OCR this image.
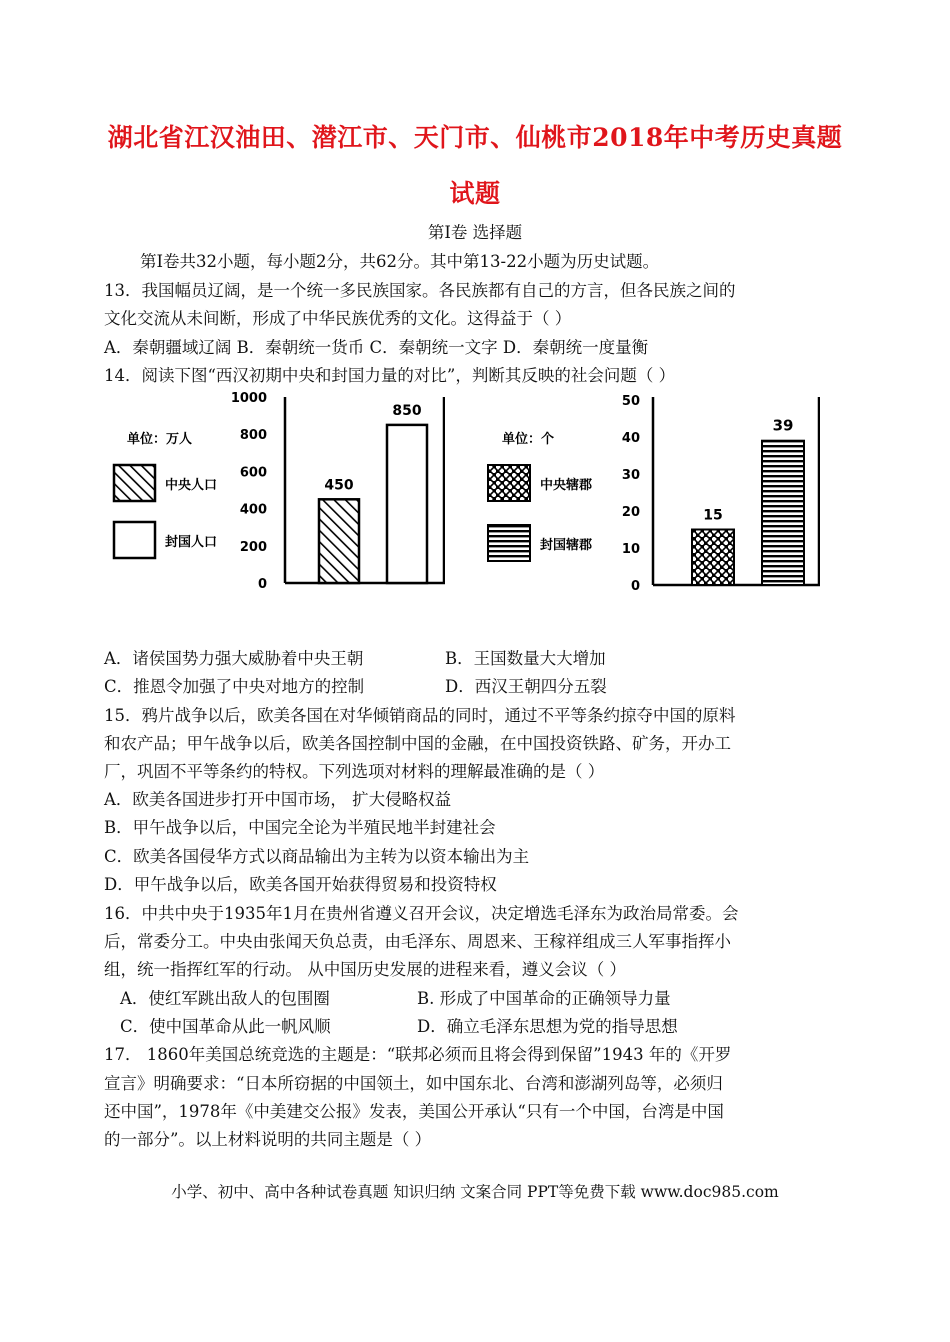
湖北省江汉油田、潜江市、天门市、仙桃市2018年中考历史真题
试题
第I卷 选择题
第I卷共32小题，每小题2分，共62分。其中第13-22小题为历史试题。
13．我国幅员辽阔，是一个统一多民族国家。各民族都有自己的方言，但各民族之间的
文化交流从未间断，形成了中华民族优秀的文化。这得益于（ ）
A．秦朝疆域辽阔 B．秦朝统一货币 C．秦朝统一文字 D．秦朝统一度量衡
14．阅读下图“西汉初期中央和封国力量的对比”，判断其反映的社会问题（ ）
单位：万人
中央人口
封国人口
0
200
400
600
800
1000
450
850
单位：个
中央辖郡
封国辖郡
0
10
20
30
40
50
15
39
A．诸侯国势力强大威胁着中央王朝	B．王国数量大大增加
C．推恩令加强了中央对地方的控制	D．西汉王朝四分五裂
15．鸦片战争以后，欧美各国在对华倾销商品的同时，通过不平等条约掠夺中国的原料
和农产品；甲午战争以后，欧美各国控制中国的金融，在中国投资铁路、矿务，开办工
厂，巩固不平等条约的特权。下列选项对材料的理解最准确的是（ ）
A．欧美各国进步打开中国市场， 扩大侵略权益
B．甲午战争以后，中国完全论为半殖民地半封建社会
C．欧美各国侵华方式以商品输出为主转为以资本输出为主
D．甲午战争以后，欧美各国开始获得贸易和投资特权
16．中共中央于1935年1月在贵州省遵义召开会议，决定增选毛泽东为政治局常委。会
后，常委分工。中央由张闻天负总责，由毛泽东、周恩来、王稼祥组成三人军事指挥小
组，统一指挥红军的行动。 从中国历史发展的进程来看，遵义会议（ ）
A．使红军跳出敌人的包围圈	B. 形成了中国革命的正确领导力量
C．使中国革命从此一帆风顺	D．确立毛泽东思想为党的指导思想
17． 1860年美国总统竞选的主题是：“联邦必须而且将会得到保留”1943 年的《开罗
宣言》明确要求：“日本所窃据的中国领土，如中国东北、台湾和澎湖列岛等，必须归
还中国”，1978年《中美建交公报》发表，美国公开承认“只有一个中国，台湾是中国
的一部分”。以上材料说明的共同主题是（ ）
小学、初中、高中各种试卷真题 知识归纳 文案合同 PPT等免费下载 www.doc985.com
